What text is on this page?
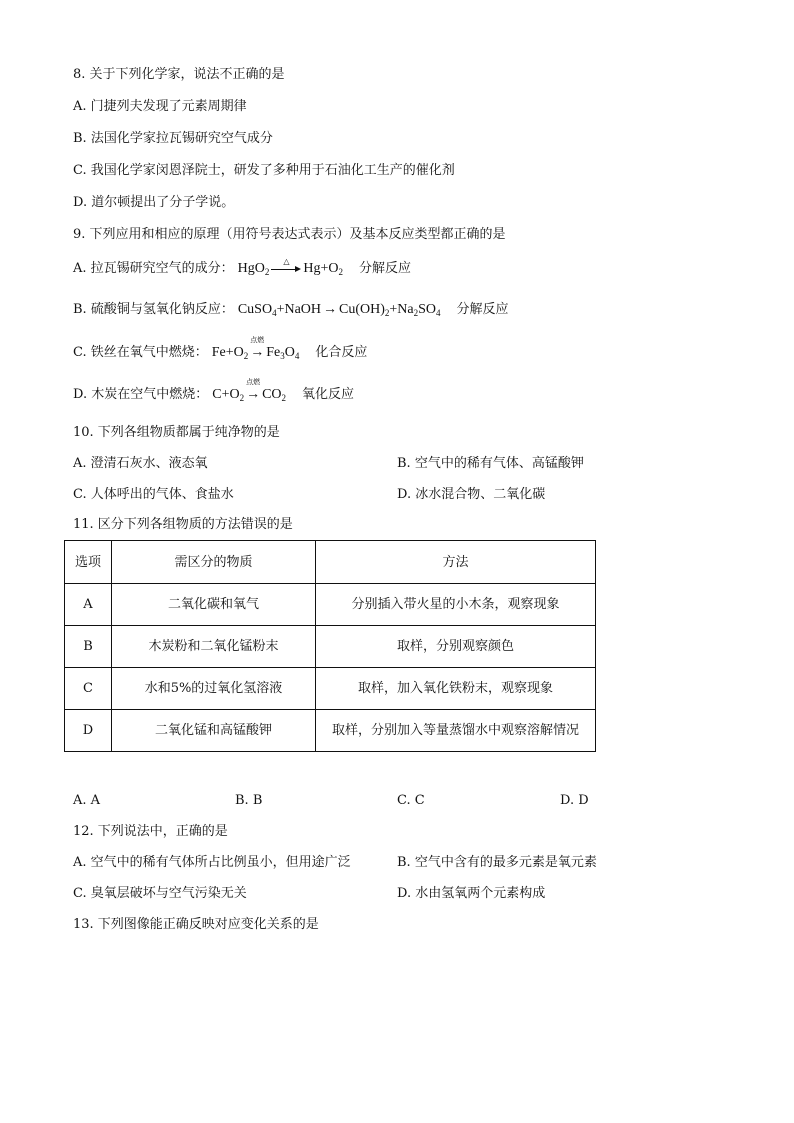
8. 关于下列化学家，说法不正确的是
A. 门捷列夫发现了元素周期律
B. 法国化学家拉瓦锡研究空气成分
C. 我国化学家闵恩泽院士，研发了多种用于石油化工生产的催化剂
D. 道尔顿提出了分子学说。
9. 下列应用和相应的原理（用符号表达式表示）及基本反应类型都正确的是
A. 拉瓦锡研究空气的成分： HgO$_2$
△ $Hg+O_2$ 分解反应
B. 硫酸铜与氢氧化钠反应： CuSO$_4$+NaOH → $Cu(OH)_2+Na_2SO_4$ 分解反应
C. 铁丝在氧气中燃烧： $Fe+O_2$
点燃
→ $Fe_3O_4$ 化合反应
D. 木炭在空气中燃烧： $C+O_2$
点燃
→ $CO_2$ 氧化反应
10. 下列各组物质都属于纯净物的是
A. 澄清石灰水、液态氧	B. 空气中的稀有气体、高锰酸钾
C. 人体呼出的气体、食盐水	D. 冰水混合物、二氧化碳
11. 区分下列各组物质的方法错误的是
选项	需区分的物质	方法
A	二氧化碳和氧气	分别插入带火星的小木条，观察现象
B	木炭粉和二氧化锰粉末	取样，分别观察颜色
C	水和5%的过氧化氢溶液	取样，加入氧化铁粉末，观察现象
D	二氧化锰和高锰酸钾	取样，分别加入等量蒸馏水中观察溶解情况
A. A	B. B	C. C	D. D
12. 下列说法中，正确的是
A. 空气中的稀有气体所占比例虽小，但用途广泛	B. 空气中含有的最多元素是氧元素
C. 臭氧层破坏与空气污染无关	D. 水由氢氧两个元素构成
13. 下列图像能正确反映对应变化关系的是
